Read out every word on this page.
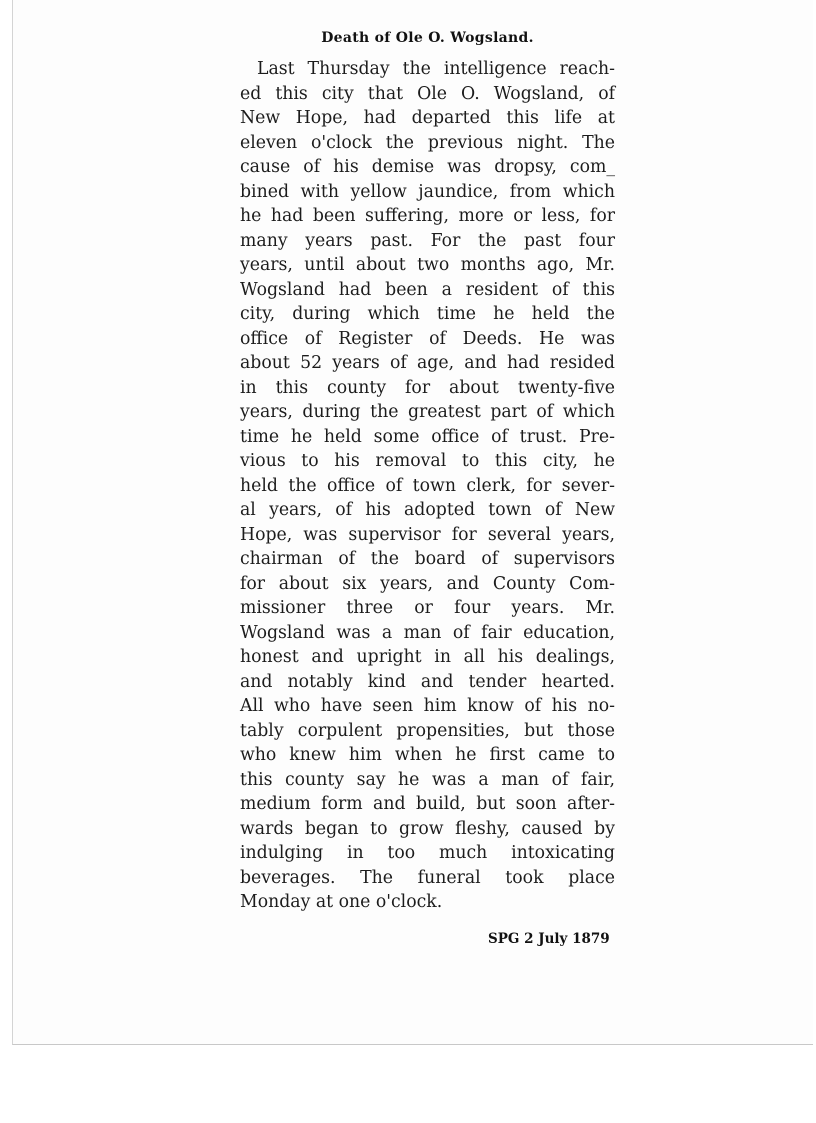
Death of Ole O. Wogsland.
Last Thursday the intelligence reach-
ed this city that Ole O. Wogsland, of
New Hope, had departed this life at
eleven o'clock the previous night. The
cause of his demise was dropsy, com_
bined with yellow jaundice, from which
he had been suffering, more or less, for
many years past. For the past four
years, until about two months ago, Mr.
Wogsland had been a resident of this
city, during which time he held the
office of Register of Deeds. He was
about 52 years of age, and had resided
in this county for about twenty-five
years, during the greatest part of which
time he held some office of trust. Pre-
vious to his removal to this city, he
held the office of town clerk, for sever-
al years, of his adopted town of New
Hope, was supervisor for several years,
chairman of the board of supervisors
for about six years, and County Com-
missioner three or four years. Mr.
Wogsland was a man of fair education,
honest and upright in all his dealings,
and notably kind and tender hearted.
All who have seen him know of his no-
tably corpulent propensities, but those
who knew him when he first came to
this county say he was a man of fair,
medium form and build, but soon after-
wards began to grow fleshy, caused by
indulging in too much intoxicating
beverages. The funeral took place
Monday at one o'clock.
SPG 2 July 1879
